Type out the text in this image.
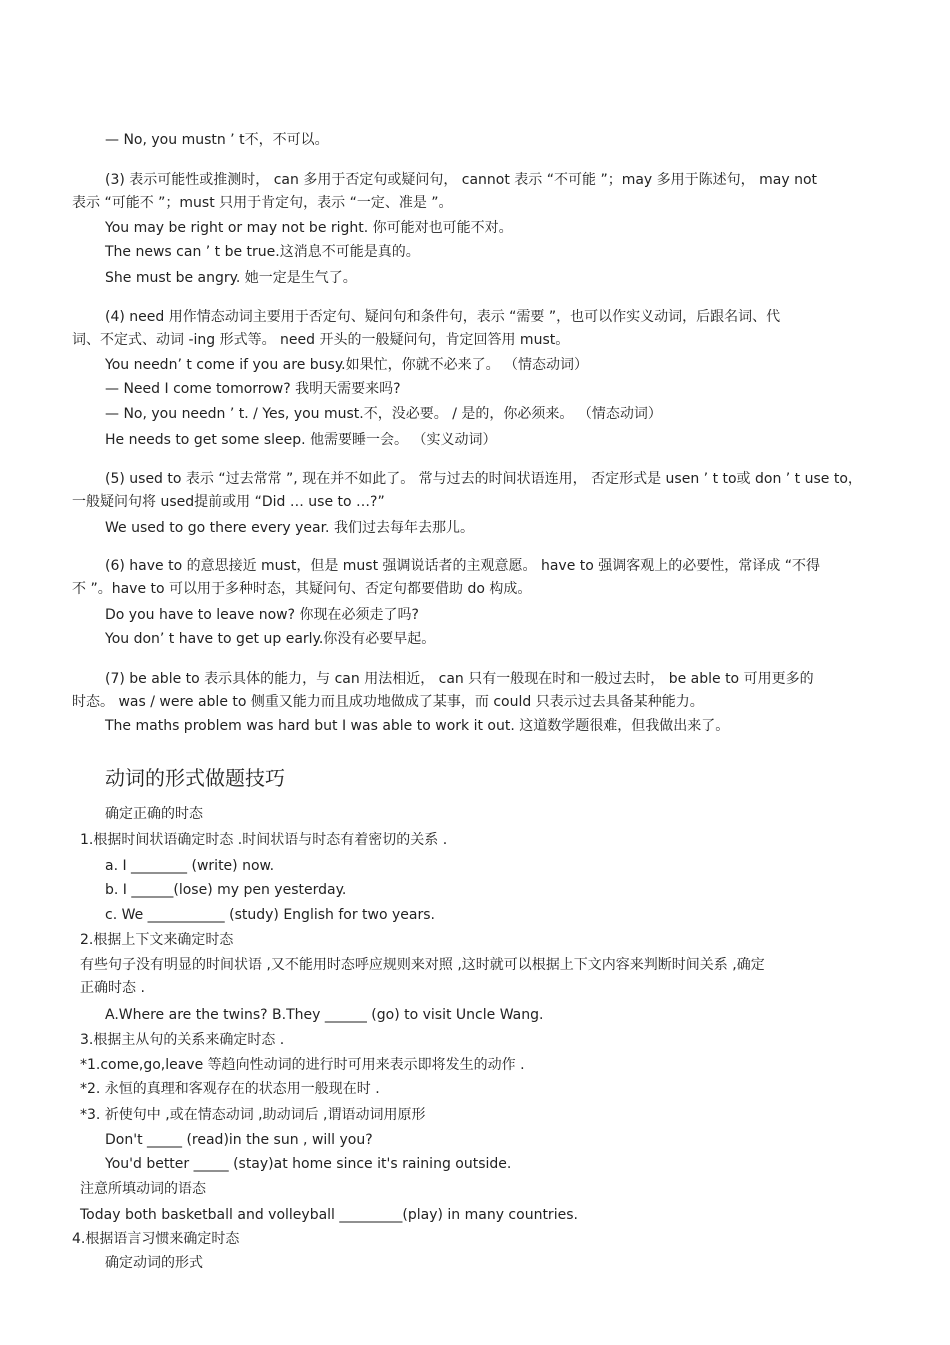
— No, you mustn ’ t不，不可以。
(3) 表示可能性或推测时， can 多用于否定句或疑问句， cannot 表示 “不可能 ”；may 多用于陈述句， may not
表示 “可能不 ”；must 只用于肯定句，表示 “一定、准是 ”。
You may be right or may not be right. 你可能对也可能不对。
The news can ’ t be true.这消息不可能是真的。
She must be angry. 她一定是生气了。
(4) need 用作情态动词主要用于否定句、疑问句和条件句，表示 “需要 ”，也可以作实义动词，后跟名词、代
词、不定式、动词 -ing 形式等。 need 开头的一般疑问句，肯定回答用 must。
You needn’ t come if you are busy.如果忙，你就不必来了。 （情态动词）
— Need I come tomorrow? 我明天需要来吗?
— No, you needn ’ t. / Yes, you must.不，没必要。 / 是的，你必须来。 （情态动词）
He needs to get some sleep. 他需要睡一会。 （实义动词）
(5) used to 表示 “过去常常 ”, 现在并不如此了。 常与过去的时间状语连用， 否定形式是 usen ’ t to或 don ’ t use to，
一般疑问句将 used提前或用 “Did … use to …?”
We used to go there every year. 我们过去每年去那儿。
(6) have to 的意思接近 must，但是 must 强调说话者的主观意愿。 have to 强调客观上的必要性，常译成 “不得
不 ”。have to 可以用于多种时态，其疑问句、否定句都要借助 do 构成。
Do you have to leave now? 你现在必须走了吗?
You don’ t have to get up early.你没有必要早起。
(7) be able to 表示具体的能力，与 can 用法相近， can 只有一般现在时和一般过去时， be able to 可用更多的
时态。 was / were able to 侧重又能力而且成功地做成了某事，而 could 只表示过去具备某种能力。
The maths problem was hard but I was able to work it out. 这道数学题很难，但我做出来了。
动词的形式做题技巧
确定正确的时态
1.根据时间状语确定时态 .时间状语与时态有着密切的关系 .
a. I ________ (write) now.
b. I ______(lose) my pen yesterday.
c. We ___________ (study) English for two years.
2.根据上下文来确定时态
有些句子没有明显的时间状语 ,又不能用时态呼应规则来对照 ,这时就可以根据上下文内容来判断时间关系 ,确定
正确时态 .
A.Where are the twins? B.They ______ (go) to visit Uncle Wang.
3.根据主从句的关系来确定时态 .
*1.come,go,leave 等趋向性动词的进行时可用来表示即将发生的动作 .
*2. 永恒的真理和客观存在的状态用一般现在时 .
*3. 祈使句中 ,或在情态动词 ,助动词后 ,谓语动词用原形
Don't _____ (read)in the sun , will you?
You'd better _____ (stay)at home since it's raining outside.
注意所填动词的语态
Today both basketball and volleyball _________(play) in many countries.
4.根据语言习惯来确定时态
确定动词的形式
